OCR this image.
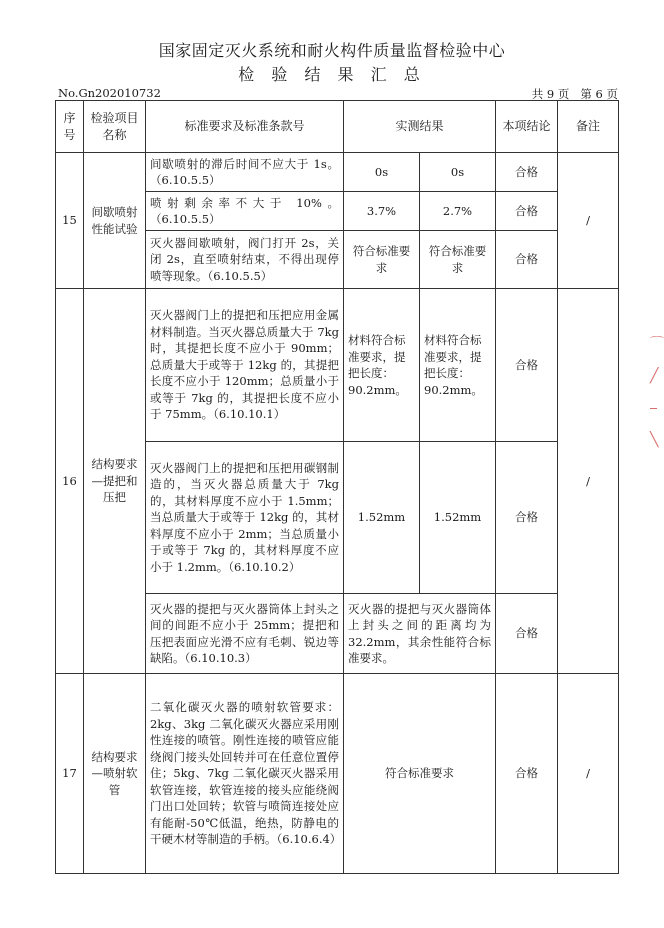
国家固定灭火系统和耐火构件质量监督检验中心
检 验 结 果 汇 总
No.Gn202010732	共 9 页   第 6 页
序号	检验项目名称	标准要求及标准条款号	实测结果		本项结论	备注
15	间歇喷射性能试验	间歇喷射的滞后时间不应大于 1s。（6.10.5.5）	0s	0s	合格	/
		喷射剩余率不大于 10%。（6.10.5.5）	3.7%	2.7%	合格	
		灭火器间歇喷射，阀门打开 2s，关闭 2s，直至喷射结束，不得出现停喷等现象。（6.10.5.5）	符合标准要求	符合标准要求	合格	
16	结构要求—提把和压把	灭火器阀门上的提把和压把应用金属材料制造。当灭火器总质量大于 7kg 时，其提把长度不应小于 90mm；总质量大于或等于 12kg 的，其提把长度不应小于 120mm；总质量小于或等于 7kg 的，其提把长度不应小于 75mm。（6.10.10.1）	材料符合标准要求，提把长度：90.2mm。	材料符合标准要求，提把长度：90.2mm。	合格	/
		灭火器阀门上的提把和压把用碳钢制造的，当灭火器总质量大于 7kg 的，其材料厚度不应小于 1.5mm；当总质量大于或等于 12kg 的，其材料厚度不应小于 2mm；当总质量小于或等于 7kg 的，其材料厚度不应小于 1.2mm。（6.10.10.2）	1.52mm	1.52mm	合格	
		灭火器的提把与灭火器筒体上封头之间的间距不应小于 25mm；提把和压把表面应光滑不应有毛刺、锐边等缺陷。（6.10.10.3）	灭火器的提把与灭火器筒体上封头之间的距离均为 32.2mm，其余性能符合标准要求。		合格	
17	结构要求—喷射软管	二氧化碳灭火器的喷射软管要求：2kg、3kg 二氧化碳灭火器应采用刚性连接的喷管。刚性连接的喷管应能绕阀门接头处回转并可在任意位置停住；5kg、7kg 二氧化碳灭火器采用软管连接，软管连接的接头应能绕阀门出口处回转；软管与喷筒连接处应有能耐-50℃低温，绝热，防静电的干硬木材等制造的手柄。（6.10.6.4）	符合标准要求		合格	/
⌒
╱
⎯
╲
